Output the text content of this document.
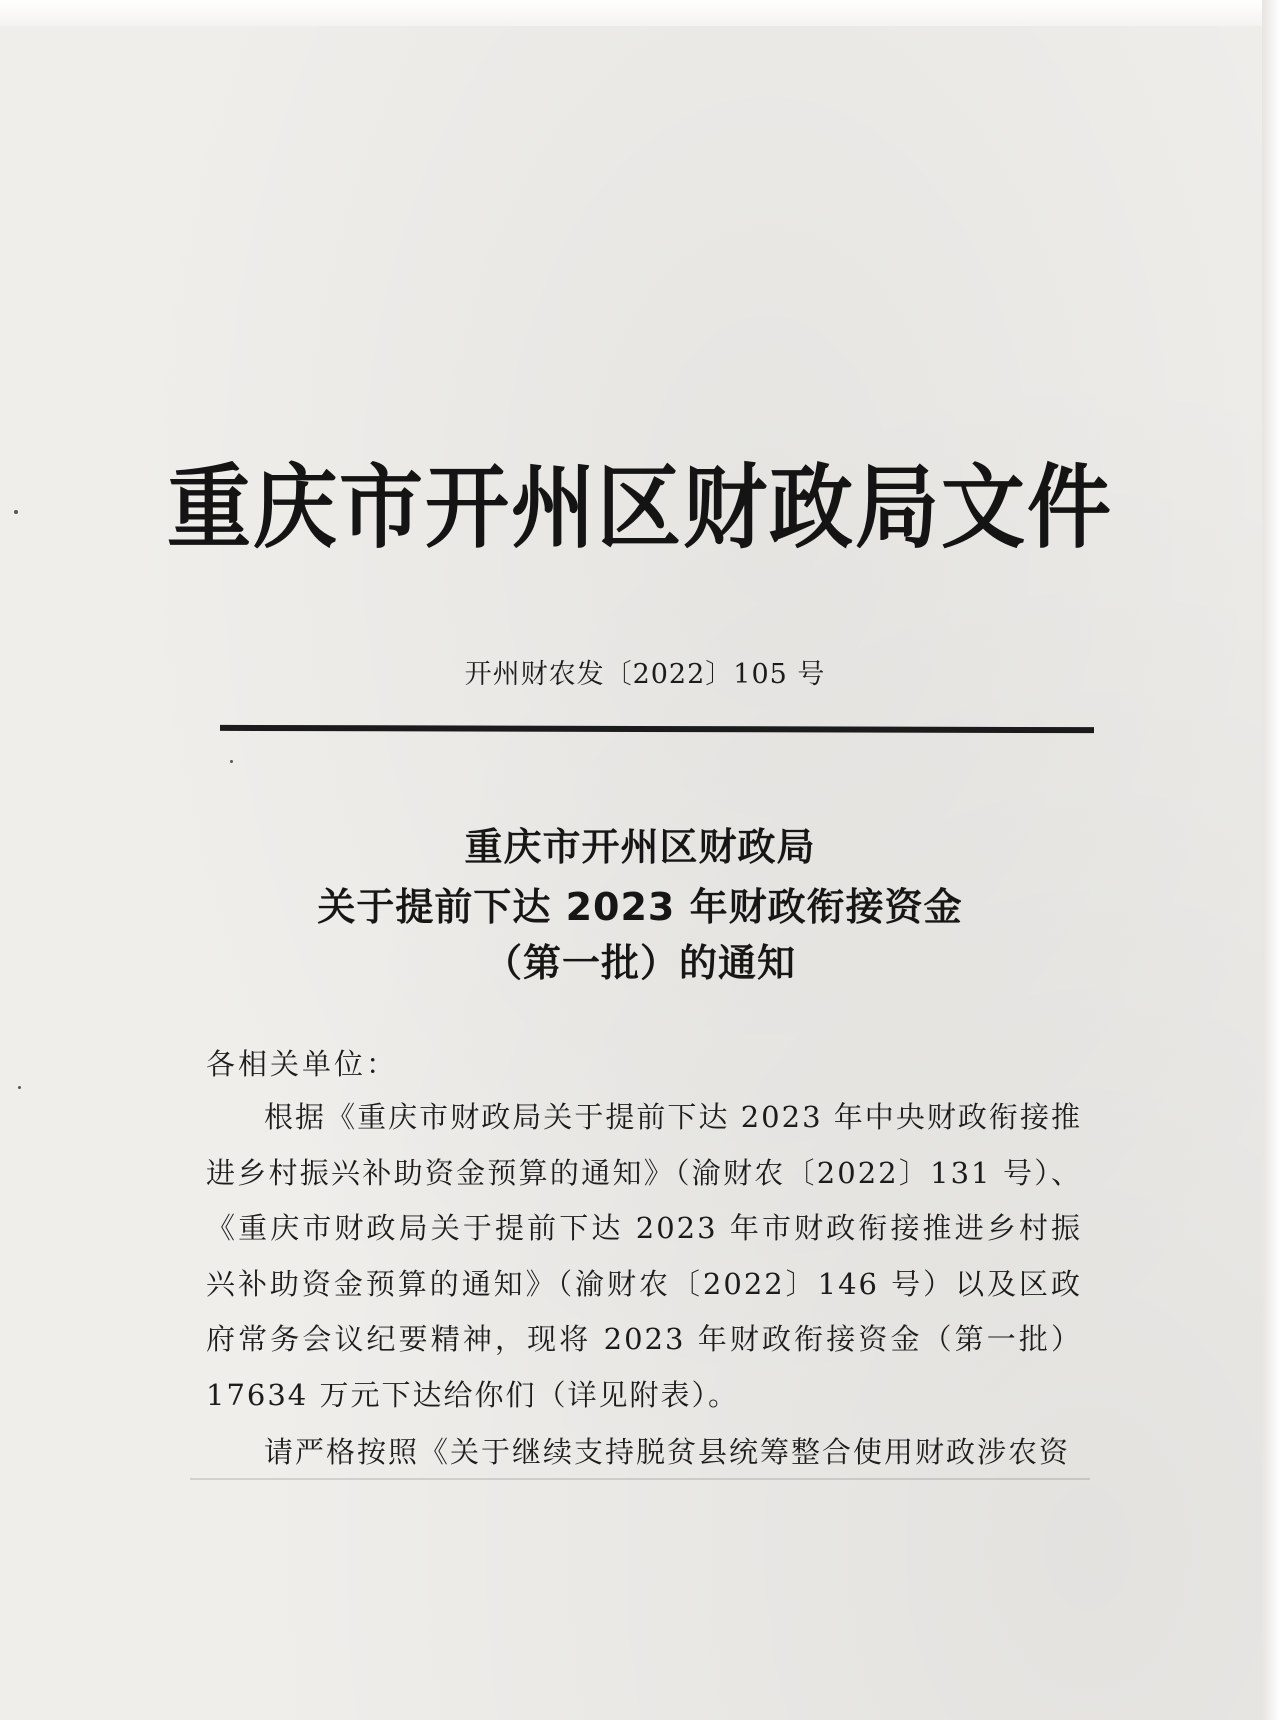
重庆市开州区财政局文件
开州财农发〔2022〕105 号
重庆市开州区财政局
关于提前下达 2023 年财政衔接资金
（第一批）的通知
各相关单位：
根据《重庆市财政局关于提前下达 2023 年中央财政衔接推进乡村振兴补助资金预算的通知》（渝财农〔2022〕131 号）、《重庆市财政局关于提前下达 2023 年市财政衔接推进乡村振兴补助资金预算的通知》（渝财农〔2022〕146 号）以及区政府常务会议纪要精神，现将 2023 年财政衔接资金（第一批）17634 万元下达给你们（详见附表）。
请严格按照《关于继续支持脱贫县统筹整合使用财政涉农资
